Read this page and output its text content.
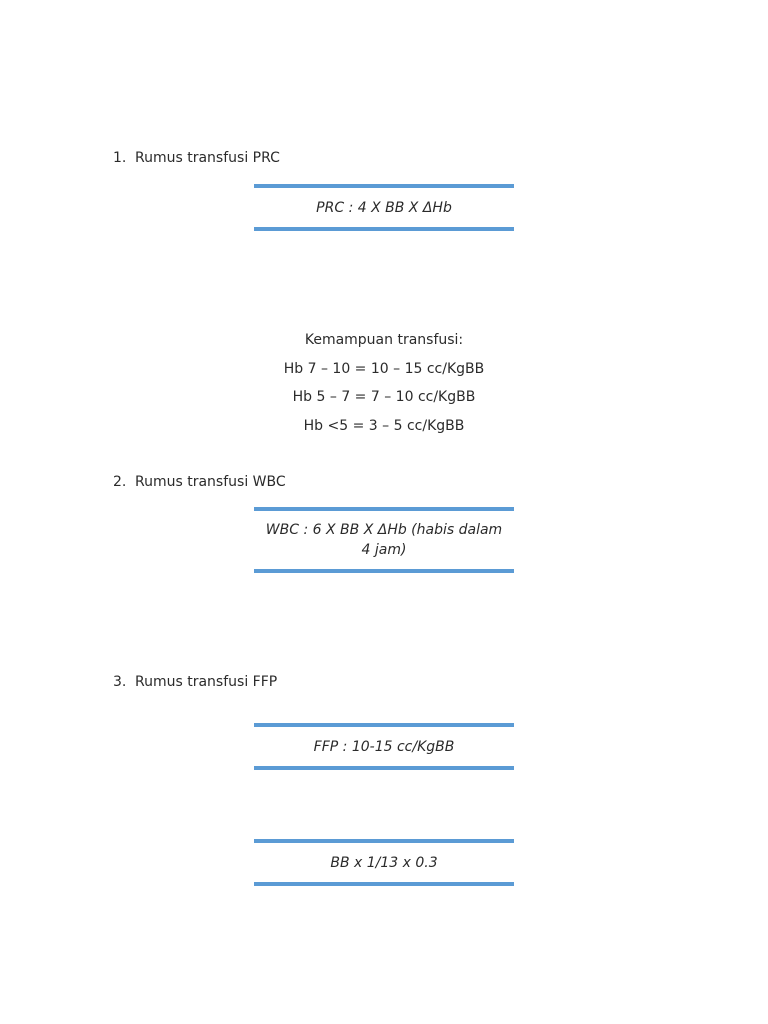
1. Rumus transfusi PRC
PRC : 4 X BB X ΔHb
Kemampuan transfusi:
Hb 7 – 10 = 10 – 15 cc/KgBB
Hb 5 – 7 = 7 – 10 cc/KgBB
Hb <5 = 3 – 5 cc/KgBB
2. Rumus transfusi WBC
WBC : 6 X BB X ΔHb (habis dalam
4 jam)
3. Rumus transfusi FFP
FFP : 10-15 cc/KgBB
BB x 1/13 x 0.3
